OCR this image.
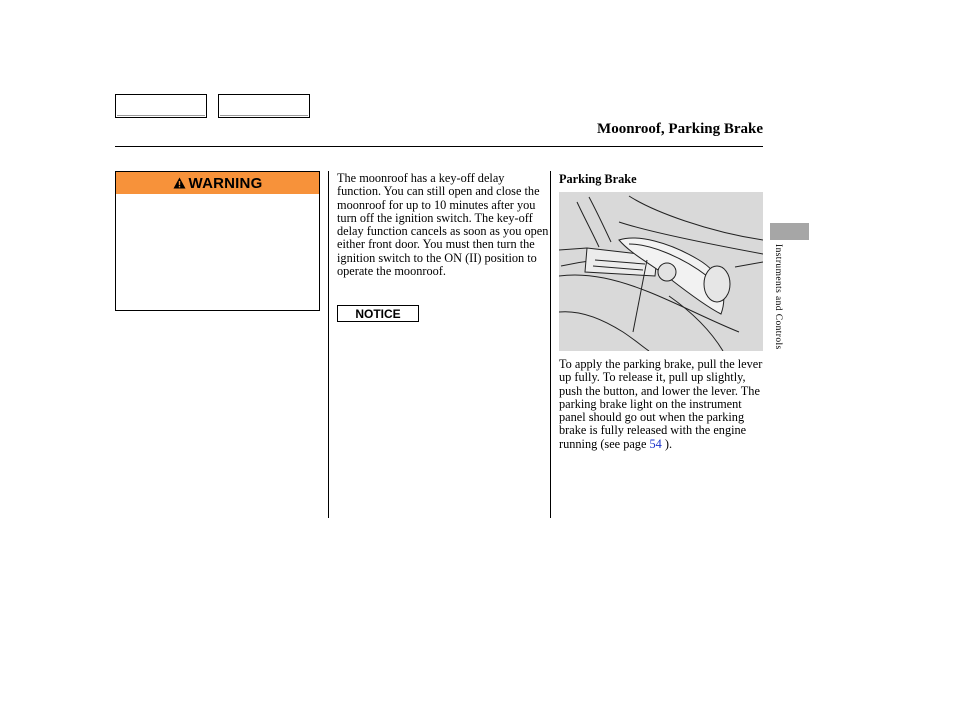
Moonroof, Parking Brake
WARNING	The moonroof has a key-off delay function. You can still open and close the moonroof for up to 10 minutes after you turn off the ignition switch. The key-off delay function cancels as soon as you open either front door. You must then turn the ignition switch to the ON (II) position to operate the moonroof.
NOTICE
Parking Brake
To apply the parking brake, pull the lever up fully. To release it, pull up slightly, push the button, and lower the lever. The parking brake light on the instrument panel should go out when the parking brake is fully released with the engine running (see page 54 ).
Instruments and Controls
